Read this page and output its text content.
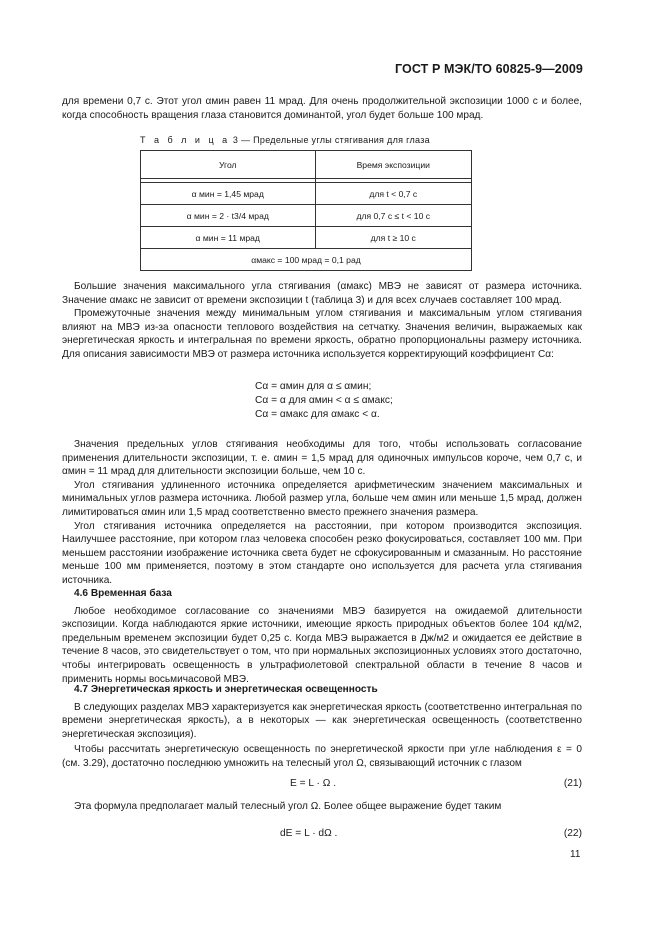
ГОСТ Р МЭК/ТО 60825-9—2009

для времени 0,7 с. Этот угол αмин равен 11 мрад. Для очень продолжительной экспозиции 1000 с и более, когда способность вращения глаза становится доминантой, угол будет больше 100 мрад.

Т а б л и ц а 3 — Предельные углы стягивания для глаза
Угол	Время экспозиции

α мин = 1,45 мрад	для t < 0,7 с
α мин = 2 · t3/4 мрад	для 0,7 с ≤ t < 10 с
α мин = 11 мрад	для t ≥ 10 с
αмакс = 100 мрад = 0,1 рад	

Большие значения максимального угла стягивания (αмакс) МВЭ не зависят от размера источника. Значение αмакс не зависит от времени экспозиции t (таблица 3) и для всех случаев составляет 100 мрад.

Промежуточные значения между минимальным углом стягивания и максимальным углом стягивания влияют на МВЭ из-за опасности теплового воздействия на сетчатку. Значения величин, выражаемых как энергетическая яркость и интегральная по времени яркость, обратно пропорциональны размеру источника. Для описания зависимости МВЭ от размера источника используется корректирующий коэффициент Cα:

Cα = αмин для α ≤ αмин;
Cα = α для αмин < α ≤ αмакс;
Cα = αмакс для αмакс < α.

Значения предельных углов стягивания необходимы для того, чтобы использовать согласование применения длительности экспозиции, т. е. αмин = 1,5 мрад для одиночных импульсов короче, чем 0,7 с, и αмин = 11 мрад для длительности экспозиции больше, чем 10 с.

Угол стягивания удлиненного источника определяется арифметическим значением максимальных и минимальных углов размера источника. Любой размер угла, больше чем αмин или меньше 1,5 мрад, должен лимитироваться αмин или 1,5 мрад соответственно вместо прежнего значения размера.

Угол стягивания источника определяется на расстоянии, при котором производится экспозиция. Наилучшее расстояние, при котором глаз человека способен резко фокусироваться, составляет 100 мм. При меньшем расстоянии изображение источника света будет не сфокусированным и смазанным. Но расстояние меньше 100 мм применяется, поэтому в этом стандарте оно используется для расчета угла стягивания источника.

4.6 Временная база

Любое необходимое согласование со значениями МВЭ базируется на ожидаемой длительности экспозиции. Когда наблюдаются яркие источники, имеющие яркость природных объектов более 104 кд/м2, предельным временем экспозиции будет 0,25 с. Когда МВЭ выражается в Дж/м2 и ожидается ее действие в течение 8 часов, это свидетельствует о том, что при нормальных экспозиционных условиях этого достаточно, чтобы интегрировать освещенность в ультрафиолетовой спектральной области в течение 8 часов и применить нормы восьмичасовой МВЭ.

4.7 Энергетическая яркость и энергетическая освещенность

В следующих разделах МВЭ характеризуется как энергетическая яркость (соответственно интегральная по времени энергетическая яркость), а в некоторых — как энергетическая освещенность (соответственно энергетическая экспозиция).

Чтобы рассчитать энергетическую освещенность по энергетической яркости при угле наблюдения ε = 0 (см. 3.29), достаточно последнюю умножить на телесный угол Ω, связывающий источник с глазом

E = L · Ω .	(21)

Эта формула предполагает малый телесный угол Ω. Более общее выражение будет таким

dE = L · dΩ .	(22)
11
